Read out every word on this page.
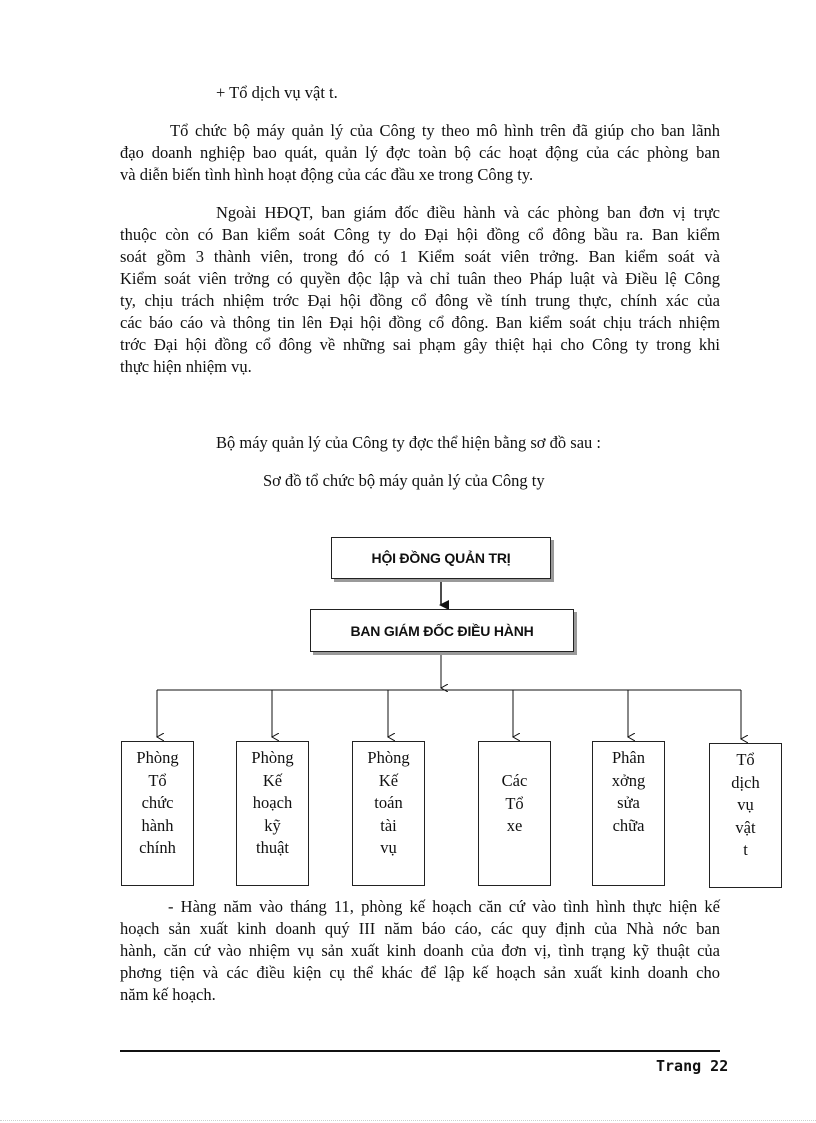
+ Tổ dịch vụ vật t.

Tổ chức bộ máy quản lý của Công ty theo mô hình trên đã giúp cho ban lãnh

đạo doanh nghiệp bao quát, quản lý đợc toàn bộ các hoạt động của các phòng ban

và diễn biến tình hình hoạt động của các đầu xe trong Công ty.

Ngoài HĐQT, ban giám đốc điều hành và các phòng ban đơn vị trực

thuộc còn có Ban kiểm soát Công ty do Đại hội đồng cổ đông bầu ra. Ban kiểm

soát gồm 3 thành viên, trong đó có 1 Kiểm soát viên trởng. Ban kiểm soát và

Kiểm soát viên trởng có quyền độc lập và chỉ tuân theo Pháp luật và Điều lệ Công

ty, chịu trách nhiệm trớc Đại hội đồng cổ đông về tính trung thực, chính xác của

các báo cáo và thông tin lên Đại hội đồng cổ đông. Ban kiểm soát chịu trách nhiệm

trớc Đại hội đồng cổ đông về những sai phạm gây thiệt hại cho Công ty trong khi

thực hiện nhiệm vụ.

Bộ máy quản lý của Công ty đợc thể hiện bằng sơ đồ sau :

Sơ đồ tổ chức bộ máy quản lý của Công ty

HỘI ĐỒNG QUẢN TRỊ
BAN GIÁM ĐỐC ĐIỀU HÀNH
Phòng
Tổ
chức
hành
chính
Phòng
Kế
hoạch
kỹ
thuật
Phòng
Kế
toán
tài
vụ
Các
Tổ
xe
Phân
xởng
sửa
chữa
Tổ
dịch
vụ
vật
t

- Hàng năm vào tháng 11, phòng kế hoạch căn cứ vào tình hình thực hiện kế

hoạch sản xuất kinh doanh quý III năm báo cáo, các quy định của Nhà nớc ban

hành, căn cứ vào nhiệm vụ sản xuất kinh doanh của đơn vị, tình trạng kỹ thuật của

phơng tiện và các điều kiện cụ thể khác để lập kế hoạch sản xuất kinh doanh cho

năm kế hoạch.

Trang 22
